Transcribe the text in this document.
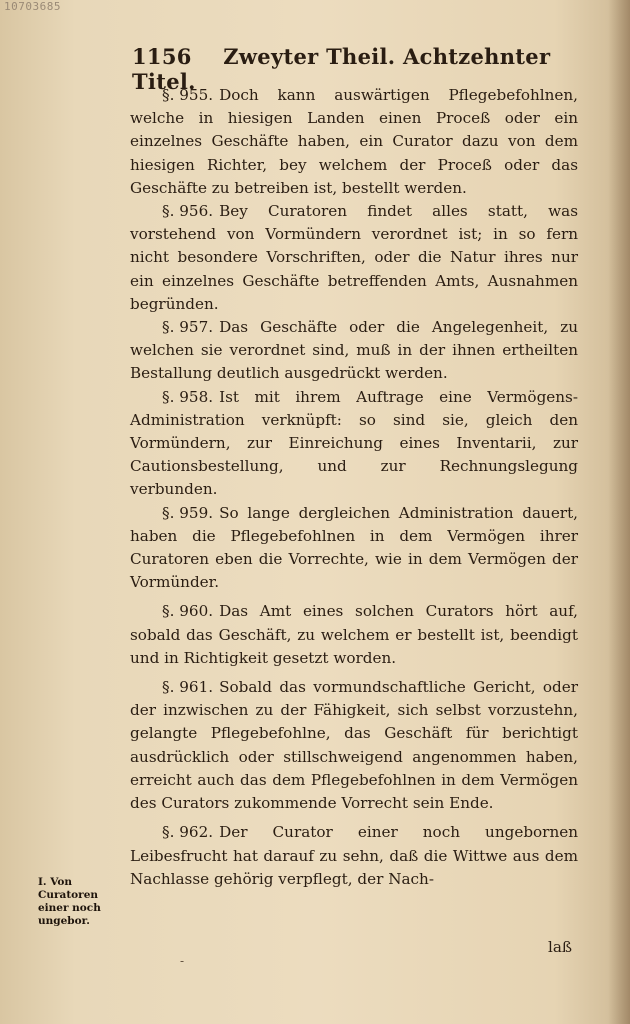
10703685
1156 Zweyter Theil. Achtzehnter Titel.

§. 955. Doch kann auswärtigen Pflegebefohlnen, welche in hiesigen Landen einen Proceß oder ein einzelnes Geschäfte haben, ein Curator dazu von dem hiesigen Richter, bey welchem der Proceß oder das Geschäfte zu betreiben ist, bestellt werden.

§. 956. Bey Curatoren findet alles statt, was vorstehend von Vormündern verordnet ist; in so fern nicht besondere Vorschriften, oder die Natur ihres nur ein einzelnes Geschäfte betreffenden Amts, Ausnahmen begründen.

§. 957. Das Geschäfte oder die Angelegenheit, zu welchen sie verordnet sind, muß in der ihnen ertheilten Bestallung deutlich ausgedrückt werden.

§. 958. Ist mit ihrem Auftrage eine Vermögens-Administration verknüpft: so sind sie, gleich den Vormündern, zur Einreichung eines Inventarii, zur Cautionsbestellung, und zur Rechnungslegung verbunden.

§. 959. So lange dergleichen Administration dauert, haben die Pflegebefohlnen in dem Vermögen ihrer Curatoren eben die Vorrechte, wie in dem Vermögen der Vormünder.

§. 960. Das Amt eines solchen Curators hört auf, sobald das Geschäft, zu welchem er bestellt ist, beendigt und in Richtigkeit gesetzt worden.

§. 961. Sobald das vormundschaftliche Gericht, oder der inzwischen zu der Fähigkeit, sich selbst vorzustehn, gelangte Pflegebefohlne, das Geschäft für berichtigt ausdrücklich oder stillschweigend angenommen haben, erreicht auch das dem Pflegebefohlnen in dem Vermögen des Curators zukommende Vorrecht sein Ende.

§. 962. Der Curator einer noch ungebornen Leibesfrucht hat darauf zu sehn, daß die Wittwe aus dem Nachlasse gehörig verpflegt, der Nach-

I. Von Curatoren einer noch ungebor.
-
laß
